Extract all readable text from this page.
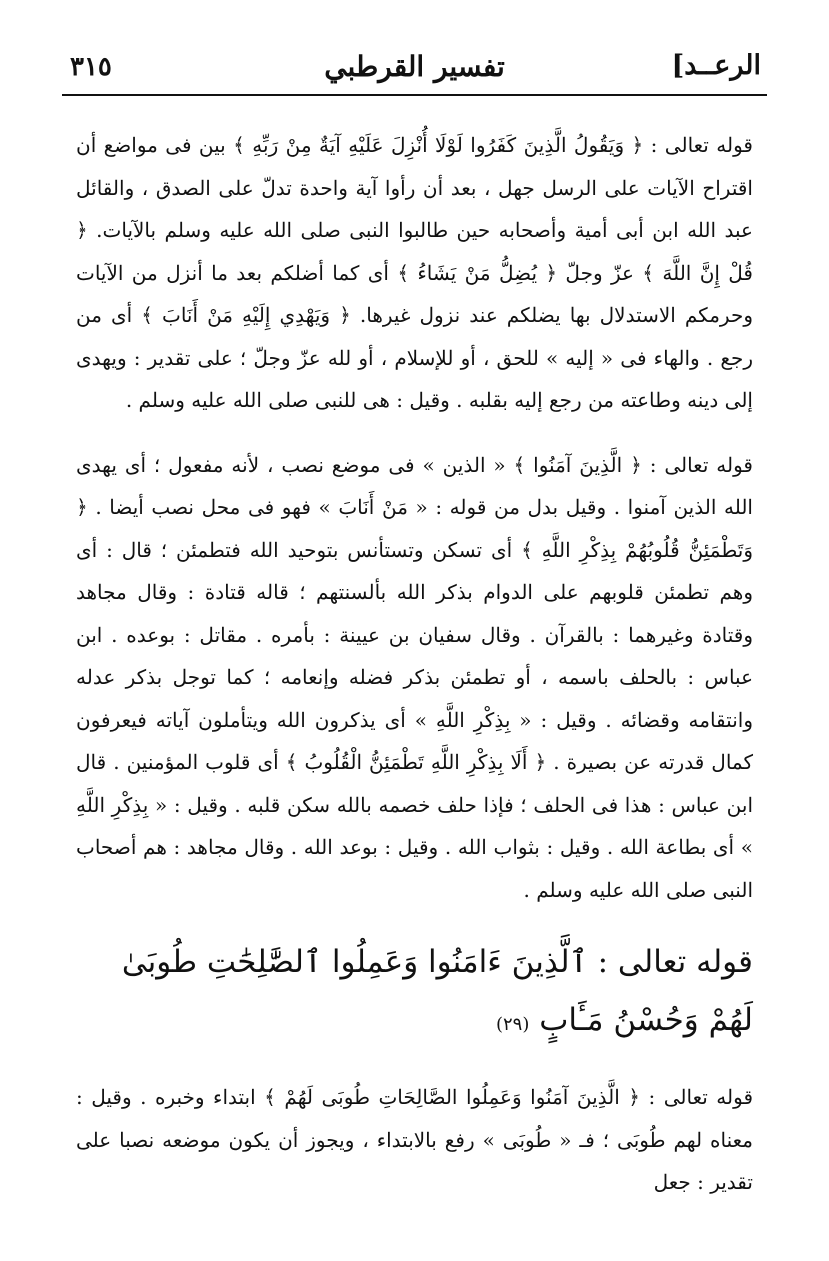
٣١٥	تفسير القرطبي	الرعــد]

قوله تعالى : ﴿ وَيَقُولُ الَّذِينَ كَفَرُوا لَوْلَا أُنْزِلَ عَلَيْهِ آيَةٌ مِنْ رَبِّهِ ﴾ بين فى مواضع أن اقتراح الآيات على الرسل جهل ، بعد أن رأوا آية واحدة تدلّ على الصدق ، والقائل عبد الله ابن أبى أمية وأصحابه حين طالبوا النبى صلى الله عليه وسلم بالآيات. ﴿ قُلْ إِنَّ اللَّهَ ﴾ عزّ وجلّ ﴿ يُضِلُّ مَنْ يَشَاءُ ﴾ أى كما أضلكم بعد ما أنزل من الآيات وحرمكم الاستدلال بها يضلكم عند نزول غيرها. ﴿ وَيَهْدِي إِلَيْهِ مَنْ أَنَابَ ﴾ أى من رجع . والهاء فى « إليه » للحق ، أو للإسلام ، أو لله عزّ وجلّ ؛ على تقدير : ويهدى إلى دينه وطاعته من رجع إليه بقلبه . وقيل : هى للنبى صلى الله عليه وسلم .

قوله تعالى : ﴿ الَّذِينَ آمَنُوا ﴾ « الذين » فى موضع نصب ، لأنه مفعول ؛ أى يهدى الله الذين آمنوا . وقيل بدل من قوله : « مَنْ أَنَابَ » فهو فى محل نصب أيضا . ﴿ وَتَطْمَئِنُّ قُلُوبُهُمْ بِذِكْرِ اللَّهِ ﴾ أى تسكن وتستأنس بتوحيد الله فتطمئن ؛ قال : أى وهم تطمئن قلوبهم على الدوام بذكر الله بألسنتهم ؛ قاله قتادة : وقال مجاهد وقتادة وغيرهما : بالقرآن . وقال سفيان بن عيينة : بأمره . مقاتل : بوعده . ابن عباس : بالحلف باسمه ، أو تطمئن بذكر فضله وإنعامه ؛ كما توجل بذكر عدله وانتقامه وقضائه . وقيل : « بِذِكْرِ اللَّهِ » أى يذكرون الله ويتأملون آياته فيعرفون كمال قدرته عن بصيرة . ﴿ أَلَا بِذِكْرِ اللَّهِ تَطْمَئِنُّ الْقُلُوبُ ﴾ أى قلوب المؤمنين . قال ابن عباس : هذا فى الحلف ؛ فإذا حلف خصمه بالله سكن قلبه . وقيل : « بِذِكْرِ اللَّهِ » أى بطاعة الله . وقيل : بثواب الله . وقيل : بوعد الله . وقال مجاهد : هم أصحاب النبى صلى الله عليه وسلم .

قوله تعالى : ٱلَّذِينَ ءَامَنُوا وَعَمِلُوا ٱلصَّٰلِحَٰتِ طُوبَىٰ لَهُمْ وَحُسْنُ مَـَٔابٍ (٢٩)

قوله تعالى : ﴿ الَّذِينَ آمَنُوا وَعَمِلُوا الصَّالِحَاتِ طُوبَى لَهُمْ ﴾ ابتداء وخبره . وقيل : معناه لهم طُوبَى ؛ فـ « طُوبَى » رفع بالابتداء ، ويجوز أن يكون موضعه نصبا على تقدير : جعل
